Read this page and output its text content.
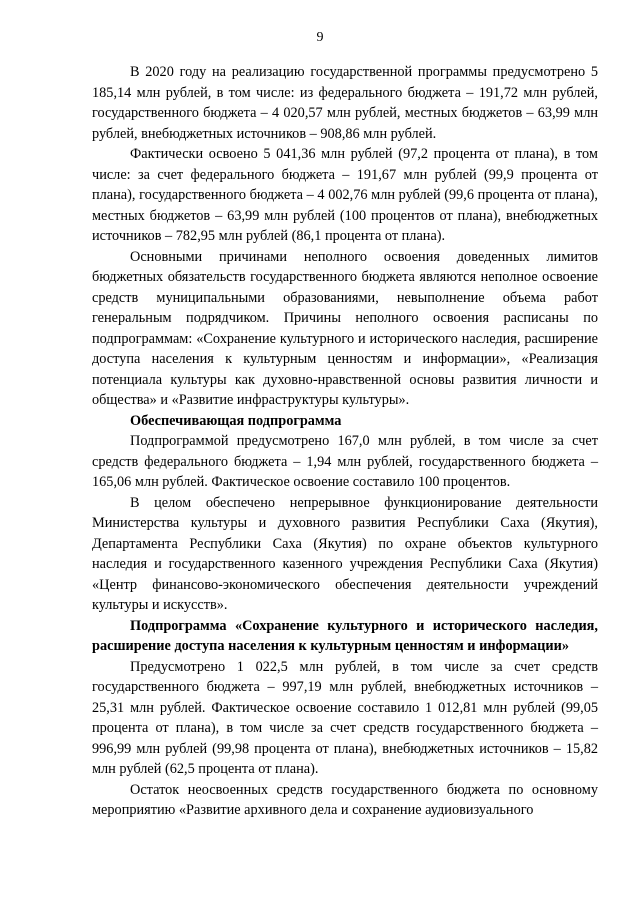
9

В 2020 году на реализацию государственной программы предусмотрено 5 185,14 млн рублей, в том числе: из федерального бюджета – 191,72 млн рублей, государственного бюджета – 4 020,57 млн рублей, местных бюджетов – 63,99 млн рублей, внебюджетных источников – 908,86 млн рублей.

Фактически освоено 5 041,36 млн рублей (97,2 процента от плана), в том числе: за счет федерального бюджета – 191,67 млн рублей (99,9 процента от плана), государственного бюджета – 4 002,76 млн рублей (99,6 процента от плана), местных бюджетов – 63,99 млн рублей (100 процентов от плана), внебюджетных источников – 782,95 млн рублей (86,1 процента от плана).

Основными причинами неполного освоения доведенных лимитов бюджетных обязательств государственного бюджета являются неполное освоение средств муниципальными образованиями, невыполнение объема работ генеральным подрядчиком. Причины неполного освоения расписаны по подпрограммам: «Сохранение культурного и исторического наследия, расширение доступа населения к культурным ценностям и информации», «Реализация потенциала культуры как духовно-нравственной основы развития личности и общества» и «Развитие инфраструктуры культуры».

Обеспечивающая подпрограмма

Подпрограммой предусмотрено 167,0 млн рублей, в том числе за счет средств федерального бюджета – 1,94 млн рублей, государственного бюджета – 165,06 млн рублей. Фактическое освоение составило 100 процентов.

В целом обеспечено непрерывное функционирование деятельности Министерства культуры и духовного развития Республики Саха (Якутия), Департамента Республики Саха (Якутия) по охране объектов культурного наследия и государственного казенного учреждения Республики Саха (Якутия) «Центр финансово-экономического обеспечения деятельности учреждений культуры и искусств».

Подпрограмма «Сохранение культурного и исторического наследия, расширение доступа населения к культурным ценностям и информации»

Предусмотрено 1 022,5 млн рублей, в том числе за счет средств государственного бюджета – 997,19 млн рублей, внебюджетных источников – 25,31 млн рублей. Фактическое освоение составило 1 012,81 млн рублей (99,05 процента от плана), в том числе за счет средств государственного бюджета – 996,99 млн рублей (99,98 процента от плана), внебюджетных источников – 15,82 млн рублей (62,5 процента от плана).

Остаток неосвоенных средств государственного бюджета по основному мероприятию «Развитие архивного дела и сохранение аудиовизуального
